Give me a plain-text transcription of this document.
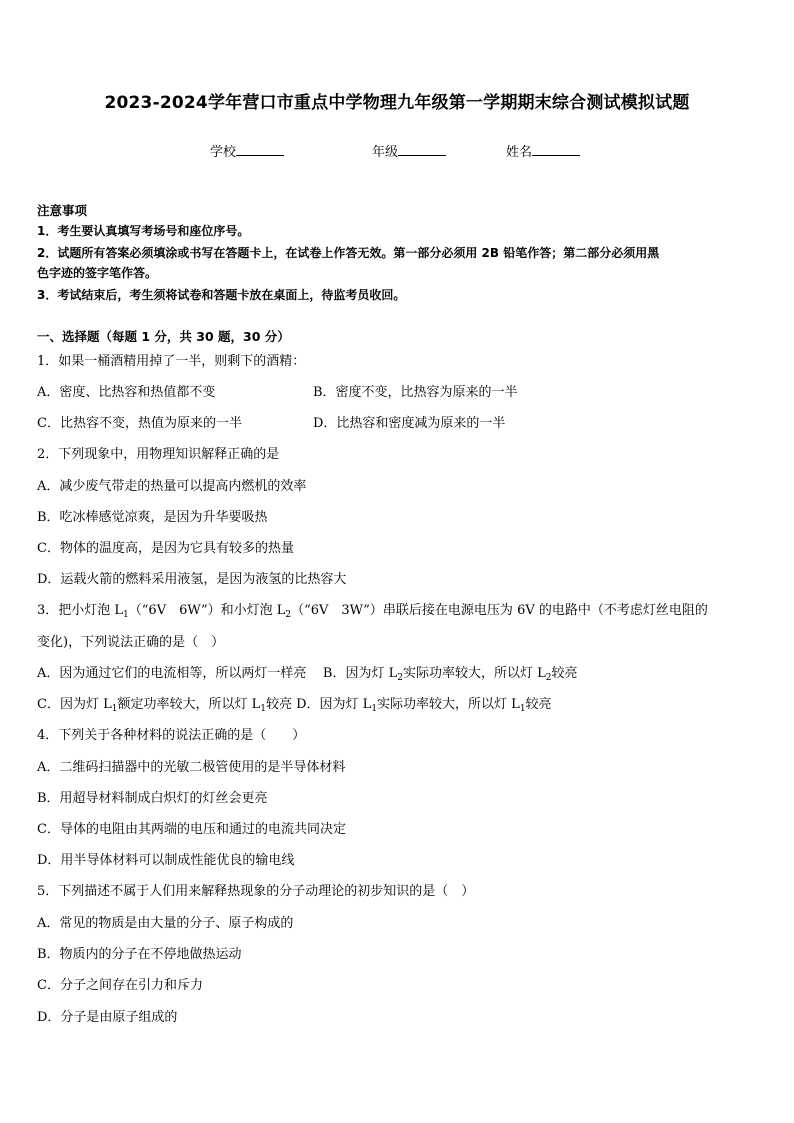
2023-2024学年营口市重点中学物理九年级第一学期期末综合测试模拟试题
学校	年级	姓名
注意事项
1．考生要认真填写考场号和座位序号。
2．试题所有答案必须填涂或书写在答题卡上，在试卷上作答无效。第一部分必须用 2B 铅笔作答；第二部分必须用黑
色字迹的签字笔作答。
3．考试结束后，考生须将试卷和答题卡放在桌面上，待监考员收回。
一、选择题（每题 1 分，共 30 题，30 分）
1．如果一桶酒精用掉了一半，则剩下的酒精：
A．密度、比热容和热值都不变	B．密度不变，比热容为原来的一半
C．比热容不变，热值为原来的一半	D．比热容和密度减为原来的一半
2．下列现象中，用物理知识解释正确的是
A．减少废气带走的热量可以提高内燃机的效率
B．吃冰棒感觉凉爽，是因为升华要吸热
C．物体的温度高，是因为它具有较多的热量
D．运载火箭的燃料采用液氢，是因为液氢的比热容大
3．把小灯泡 $L_1(“6V$　6W”）和小灯泡 $L_2(“6V$　3W”）串联后接在电源电压为 6V 的电路中（不考虑灯丝电阻的
变化)，下列说法正确的是（　）
A．因为通过它们的电流相等，所以两灯一样亮 B．因为灯 $L_2$实际功率较大，所以灯 $L_2$较亮
C．因为灯 $L_1$额定功率较大，所以灯 $L_1$较亮 D．因为灯 $L_1$实际功率较大，所以灯 $L_1$较亮
4．下列关于各种材料的说法正确的是（　　）
A．二维码扫描器中的光敏二极管使用的是半导体材料
B．用超导材料制成白炽灯的灯丝会更亮
C．导体的电阻由其两端的电压和通过的电流共同决定
D．用半导体材料可以制成性能优良的输电线
5．下列描述不属于人们用来解释热现象的分子动理论的初步知识的是（　）
A．常见的物质是由大量的分子、原子构成的
B．物质内的分子在不停地做热运动
C．分子之间存在引力和斥力
D．分子是由原子组成的
